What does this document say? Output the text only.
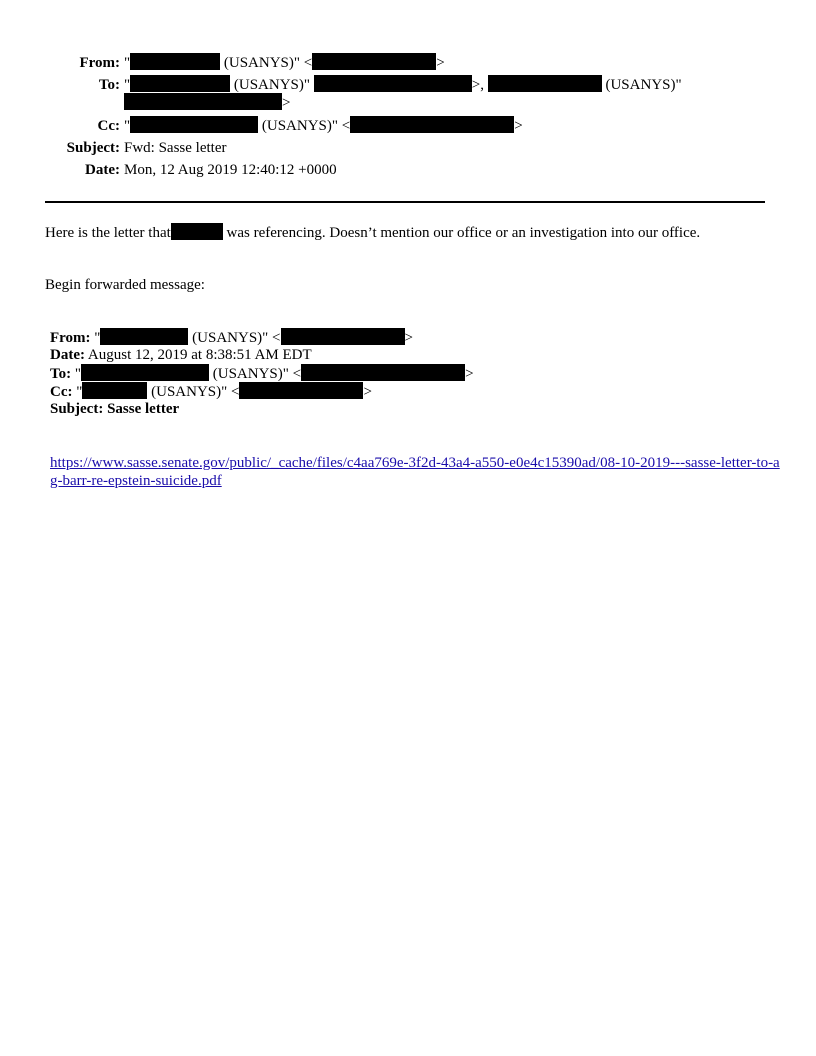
From: "	(USANYS)" <	>
To: "	(USANYS)"	>,	(USANYS)"
>
Cc: "	(USANYS)" <	>
Subject: Fwd: Sasse letter
Date: Mon, 12 Aug 2019 12:40:12 +0000
Here is the letter that	was referencing. Doesn’t mention our office or an investigation into our office.
Begin forwarded message:
From: "	(USANYS)" <	>
Date: August 12, 2019 at 8:38:51 AM EDT
To: "	(USANYS)" <	>
Cc: "	(USANYS)" <	>
Subject: Sasse letter
https://www.sasse.senate.gov/public/_cache/files/c4aa769e-3f2d-43a4-a550-e0e4c15390ad/08-10-2019---sasse-letter-to-ag-barr-re-epstein-suicide.pdf
